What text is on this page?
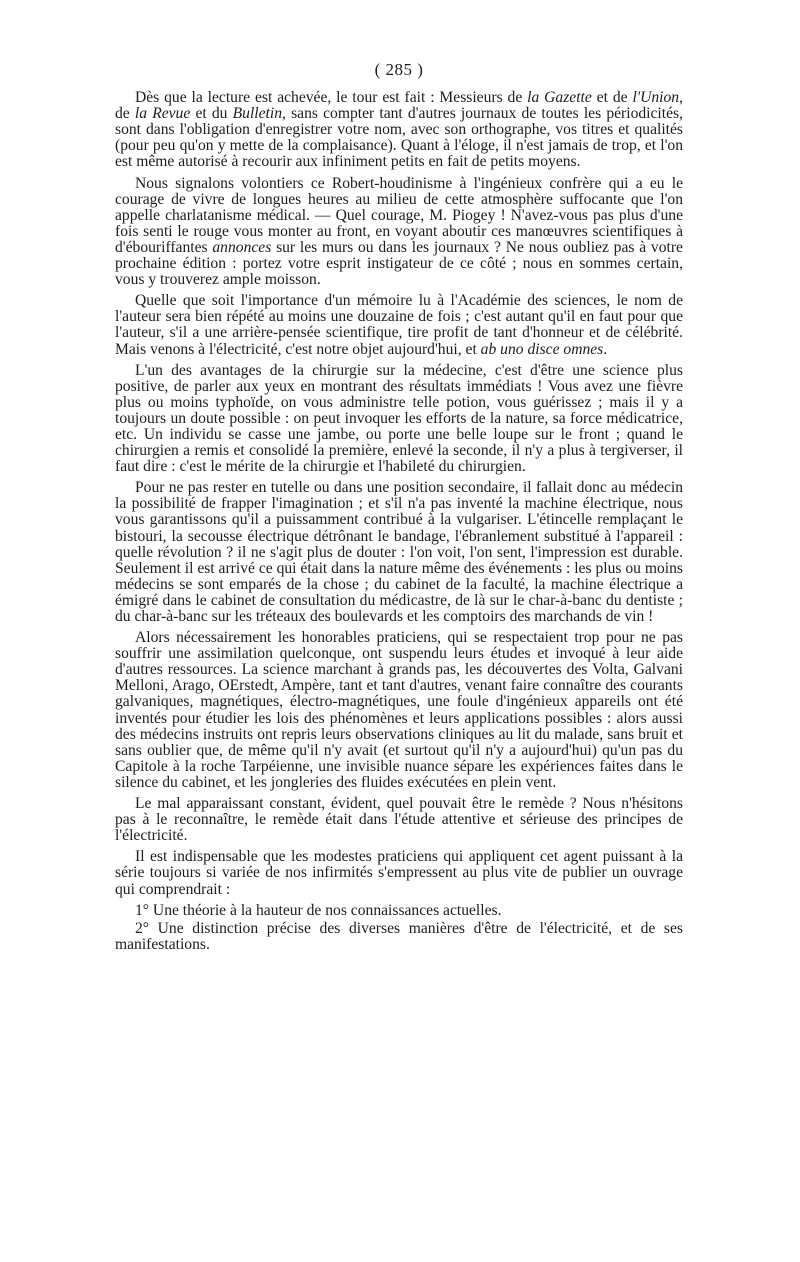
( 285 )

Dès que la lecture est achevée, le tour est fait : Messieurs de la Gazette et de l'Union, de la Revue et du Bulletin, sans compter tant d'autres journaux de toutes les périodicités, sont dans l'obligation d'enregistrer votre nom, avec son orthographe, vos titres et qualités (pour peu qu'on y mette de la complaisance). Quant à l'éloge, il n'est jamais de trop, et l'on est même autorisé à recourir aux infiniment petits en fait de petits moyens.

Nous signalons volontiers ce Robert-houdinisme à l'ingénieux confrère qui a eu le courage de vivre de longues heures au milieu de cette atmosphère suffocante que l'on appelle charlatanisme médical. — Quel courage, M. Piogey ! N'avez-vous pas plus d'une fois senti le rouge vous monter au front, en voyant aboutir ces manœuvres scientifiques à d'ébouriffantes annonces sur les murs ou dans les journaux ? Ne nous oubliez pas à votre prochaine édition : portez votre esprit instigateur de ce côté ; nous en sommes certain, vous y trouverez ample moisson.

Quelle que soit l'importance d'un mémoire lu à l'Académie des sciences, le nom de l'auteur sera bien répété au moins une douzaine de fois ; c'est autant qu'il en faut pour que l'auteur, s'il a une arrière-pensée scientifique, tire profit de tant d'honneur et de célébrité. Mais venons à l'électricité, c'est notre objet aujourd'hui, et ab uno disce omnes.

L'un des avantages de la chirurgie sur la médecine, c'est d'être une science plus positive, de parler aux yeux en montrant des résultats immédiats ! Vous avez une fièvre plus ou moins typhoïde, on vous administre telle potion, vous guérissez ; mais il y a toujours un doute possible : on peut invoquer les efforts de la nature, sa force médicatrice, etc. Un individu se casse une jambe, ou porte une belle loupe sur le front ; quand le chirurgien a remis et consolidé la première, enlevé la seconde, il n'y a plus à tergiverser, il faut dire : c'est le mérite de la chirurgie et l'habileté du chirurgien.

Pour ne pas rester en tutelle ou dans une position secondaire, il fallait donc au médecin la possibilité de frapper l'imagination ; et s'il n'a pas inventé la machine électrique, nous vous garantissons qu'il a puissamment contribué à la vulgariser. L'étincelle remplaçant le bistouri, la secousse électrique détrônant le bandage, l'ébranlement substitué à l'appareil : quelle révolution ? il ne s'agit plus de douter : l'on voit, l'on sent, l'impression est durable. Seulement il est arrivé ce qui était dans la nature même des événements : les plus ou moins médecins se sont emparés de la chose ; du cabinet de la faculté, la machine électrique a émigré dans le cabinet de consultation du médicastre, de là sur le char-à-banc du dentiste ; du char-à-banc sur les tréteaux des boulevards et les comptoirs des marchands de vin !

Alors nécessairement les honorables praticiens, qui se respectaient trop pour ne pas souffrir une assimilation quelconque, ont suspendu leurs études et invoqué à leur aide d'autres ressources. La science marchant à grands pas, les découvertes des Volta, Galvani Melloni, Arago, OErstedt, Ampère, tant et tant d'autres, venant faire connaître des courants galvaniques, magnétiques, électro-magnétiques, une foule d'ingénieux appareils ont été inventés pour étudier les lois des phénomènes et leurs applications possibles : alors aussi des médecins instruits ont repris leurs observations cliniques au lit du malade, sans bruit et sans oublier que, de même qu'il n'y avait (et surtout qu'il n'y a aujourd'hui) qu'un pas du Capitole à la roche Tarpéienne, une invisible nuance sépare les expériences faites dans le silence du cabinet, et les jongleries des fluides exécutées en plein vent.

Le mal apparaissant constant, évident, quel pouvait être le remède ? Nous n'hésitons pas à le reconnaître, le remède était dans l'étude attentive et sérieuse des principes de l'électricité.

Il est indispensable que les modestes praticiens qui appliquent cet agent puissant à la série toujours si variée de nos infirmités s'empressent au plus vite de publier un ouvrage qui comprendrait :

1° Une théorie à la hauteur de nos connaissances actuelles.

2° Une distinction précise des diverses manières d'être de l'électricité, et de ses manifestations.
